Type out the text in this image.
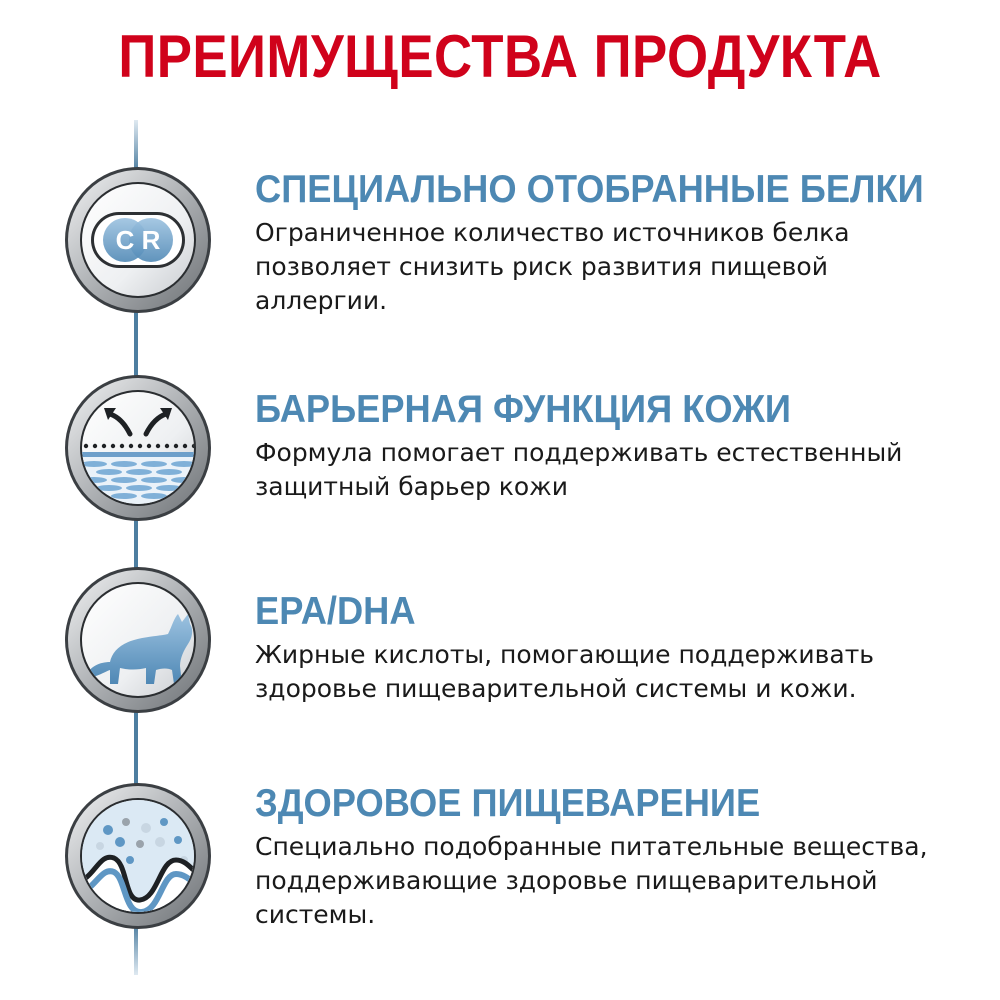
ПРЕИМУЩЕСТВА ПРОДУКТА
C R
СПЕЦИАЛЬНО ОТОБРАННЫЕ БЕЛКИ
Ограниченное количество источников белка
позволяет снизить риск развития пищевой
аллергии.
БАРЬЕРНАЯ ФУНКЦИЯ КОЖИ
Формула помогает поддерживать естественный
защитный барьер кожи
EPA/DHA
Жирные кислоты, помогающие поддерживать
здоровье пищеварительной системы и кожи.
ЗДОРОВОЕ ПИЩЕВАРЕНИЕ
Специально подобранные питательные вещества,
поддерживающие здоровье пищеварительной
системы.
